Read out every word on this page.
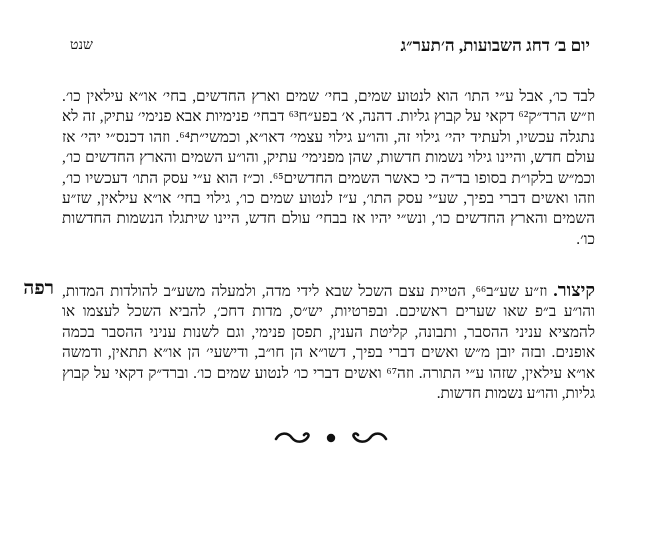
יום ב׳ דחג השבועות, ה׳תער״ג
שנט

לבד כו׳, אבל ע״י התו׳ הוא לנטוע שמים, בחי׳ שמים וארץ החדשים, בחי׳ או״א עילאין כו׳. וז״ש הרד״ק⁶² דקאי על קבוץ גליות. דהנה, א׳ בפע״ח⁶³ דבחי׳ פנימיות אבא פנימי׳ עתיק, זה לא נתגלה עכשיו, ולעתיד יהי׳ גילוי זה, והו״ע גילוי עצמי׳ דאו״א, וכמשי״ת⁶⁴. וזהו דכנס״י יהי׳ אז עולם חדש, והיינו גילוי נשמות חדשות, שהן מפנימי׳ עתיק, והו״ע השמים והארץ החדשים כו׳, וכמ״ש בלקו״ת בסופו בד״ה כי כאשר השמים החדשים⁶⁵. וכ״ז הוא ע״י עסק התו׳ דעכשיו כו׳, וזהו ואשים דברי בפיך, שע״י עסק התו׳, ע״ז לנטוע שמים כו׳, גילוי בחי׳ או״א עילאין, שז״ע השמים והארץ החדשים כו׳, ונש״י יהיו אז בבחי׳ עולם חדש, היינו שיתגלו הנשמות החדשות כו׳.

רפה	קיצור. וז״ע שע״ב⁶⁶, הטיית עצם השכל שבא לידי מדה, ולמעלה משע״ב להולדות המדות, והו״ע ב״פ שאו שערים ראשיכם. ובפרטיות, יש״ס, מדות דחכ׳, להביא השכל לעצמו או להמציא עניני ההסבר, ותבונה, קליטת הענין, תפסן פנימי, וגם לשנות עניני ההסבר בכמה אופנים. ובזה יובן מ״ש ואשים דברי בפיך, דשו״א הן חו״ב, ודישעי׳ הן או״א תתאין, ודמשה או״א עילאין, שזהו ע״י התורה. וזה⁶⁷ ואשים דברי כו׳ לנטוע שמים כו׳. וברד״ק דקאי על קבוץ גליות, והו״ע נשמות חדשות.
